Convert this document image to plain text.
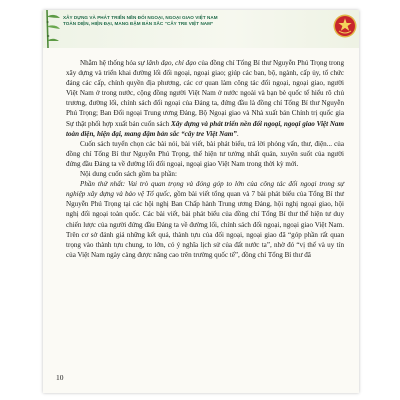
XÂY DỰNG VÀ PHÁT TRIỂN NỀN ĐỐI NGOẠI, NGOẠI GIAO VIỆT NAM
TOÀN DIỆN, HIỆN ĐẠI, MANG ĐẬM BẢN SẮC “CÂY TRE VIỆT NAM”

Nhằm hệ thống hóa sự lãnh đạo, chỉ đạo của đồng chí Tổng Bí thư Nguyễn Phú Trọng trong xây dựng và triển khai đường lối đối ngoại, ngoại giao; giúp các ban, bộ, ngành, cấp ủy, tổ chức đảng các cấp, chính quyền địa phương, các cơ quan làm công tác đối ngoại, ngoại giao, người Việt Nam ở trong nước, cộng đồng người Việt Nam ở nước ngoài và bạn bè quốc tế hiểu rõ chủ trương, đường lối, chính sách đối ngoại của Đảng ta, đứng đầu là đồng chí Tổng Bí thư Nguyễn Phú Trọng; Ban Đối ngoại Trung ương Đảng, Bộ Ngoại giao và Nhà xuất bản Chính trị quốc gia Sự thật phối hợp xuất bản cuốn sách Xây dựng và phát triển nền đối ngoại, ngoại giao Việt Nam toàn diện, hiện đại, mang đậm bản sắc “cây tre Việt Nam”.

Cuốn sách tuyển chọn các bài nói, bài viết, bài phát biểu, trả lời phỏng vấn, thư, điện... của đồng chí Tổng Bí thư Nguyễn Phú Trọng, thể hiện tư tưởng nhất quán, xuyên suốt của người đứng đầu Đảng ta về đường lối đối ngoại, ngoại giao Việt Nam trong thời kỳ mới.

Nội dung cuốn sách gồm ba phần:

Phần thứ nhất: Vai trò quan trọng và đóng góp to lớn của công tác đối ngoại trong sự nghiệp xây dựng và bảo vệ Tổ quốc, gồm bài viết tổng quan và 7 bài phát biểu của Tổng Bí thư Nguyễn Phú Trọng tại các hội nghị Ban Chấp hành Trung ương Đảng, hội nghị ngoại giao, hội nghị đối ngoại toàn quốc. Các bài viết, bài phát biểu của đồng chí Tổng Bí thư thể hiện tư duy chiến lược của người đứng đầu Đảng ta về đường lối, chính sách đối ngoại, ngoại giao Việt Nam. Trên cơ sở đánh giá những kết quả, thành tựu của đối ngoại, ngoại giao đã “góp phần rất quan trọng vào thành tựu chung, to lớn, có ý nghĩa lịch sử của đất nước ta”, nhờ đó “vị thế và uy tín của Việt Nam ngày càng được nâng cao trên trường quốc tế”, đồng chí Tổng Bí thư đã

10
